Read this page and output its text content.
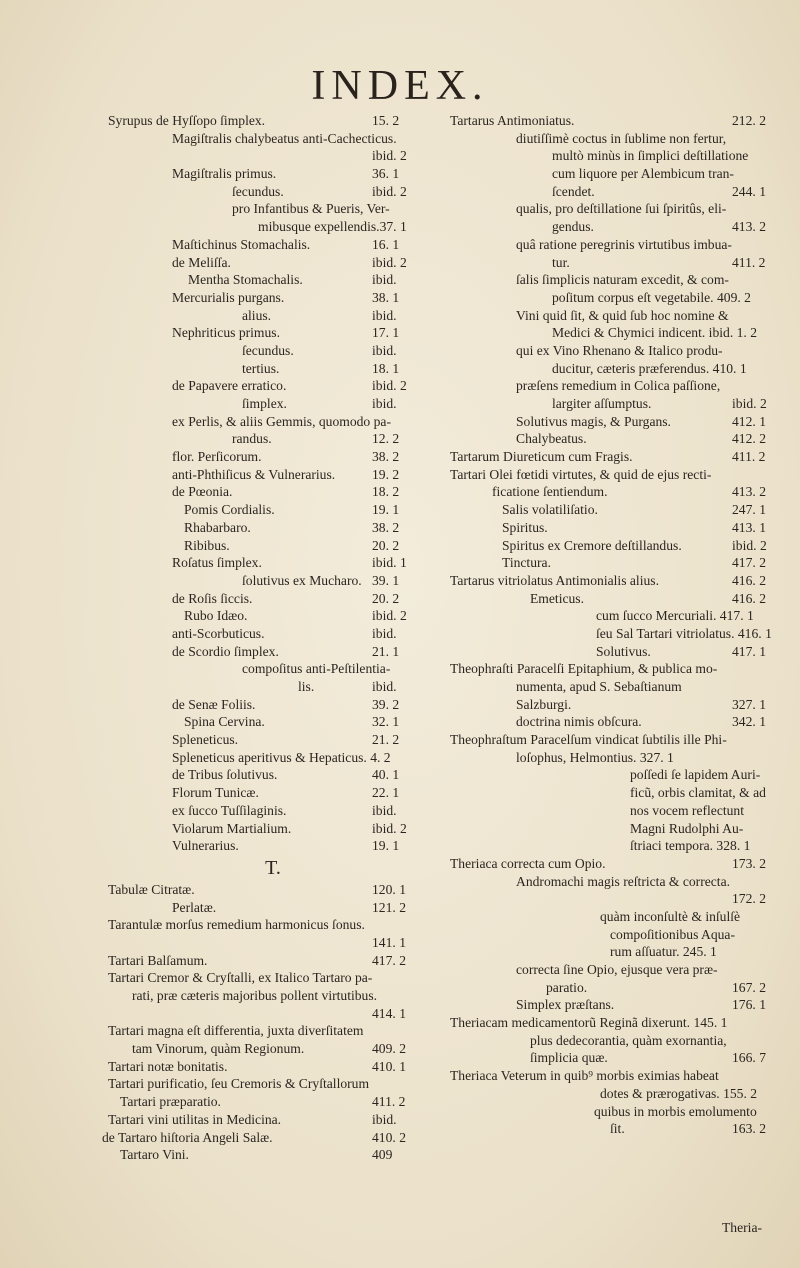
INDEX.
Syrupus de Hyſſopo ſimplex.	15. 2
Magiſtralis chalybeatus anti-Cachecticus.
ibid. 2
Magiſtralis primus.	36. 1
ſecundus.	ibid. 2
pro Infantibus & Pueris, Ver-
mibusque expellendis.37. 1
Maſtichinus Stomachalis.	16. 1
de Meliſſa.	ibid. 2
Mentha Stomachalis.	ibid.
Mercurialis purgans.	38. 1
alius.	ibid.
Nephriticus primus.	17. 1
ſecundus.	ibid.
tertius.	18. 1
de Papavere erratico.	ibid. 2
ſimplex.	ibid.
ex Perlis, & aliis Gemmis, quomodo pa-
randus.	12. 2
flor. Perſicorum.	38. 2
anti-Phthiſicus & Vulnerarius.	19. 2
de Pœonia.	18. 2
Pomis Cordialis.	19. 1
Rhabarbaro.	38. 2
Ribibus.	20. 2
Roſatus ſimplex.	ibid. 1
ſolutivus ex Mucharo. 39. 1
de Roſis ſiccis.	20. 2
Rubo Idæo.	ibid. 2
anti-Scorbuticus.	ibid.
de Scordio ſimplex.	21. 1
compoſitus anti-Peſtilentia-
lis.	ibid.
de Senæ Foliis.	39. 2
Spina Cervina.	32. 1
Spleneticus.	21. 2
Spleneticus aperitivus & Hepaticus. 4. 2
de Tribus ſolutivus.	40. 1
Florum Tunicæ.	22. 1
ex ſucco Tuſſilaginis.	ibid.
Violarum Martialium.	ibid. 2
Vulnerarius.	19. 1
T.
Tabulæ Citratæ.	120. 1
Perlatæ.	121. 2
Tarantulæ morſus remedium harmonicus ſonus.
141. 1
Tartari Balſamum.	417. 2
Tartari Cremor & Cryſtalli, ex Italico Tartaro pa-
rati, præ cæteris majoribus pollent virtutibus.
414. 1
Tartari magna eſt differentia, juxta diverſitatem
tam Vinorum, quàm Regionum.	409. 2
Tartari notæ bonitatis.	410. 1
Tartari purificatio, ſeu Cremoris & Cryſtallorum
Tartari præparatio.	411. 2
Tartari vini utilitas in Medicina.	ibid.
de Tartaro hiſtoria Angeli Salæ.	410. 2
Tartaro Vini.	409
Tartarus Antimoniatus.	212. 2
diutiſſimè coctus in ſublime non fertur,
multò minùs in ſimplici deſtillatione
cum liquore per Alembicum tran-
ſcendet.	244. 1
qualis, pro deſtillatione ſui ſpiritûs, eli-
gendus.	413. 2
quâ ratione peregrinis virtutibus imbua-
tur.	411. 2
ſalis ſimplicis naturam excedit, & com-
poſitum corpus eſt vegetabile. 409. 2
Vini quid ſit, & quid ſub hoc nomine &
Medici & Chymici indicent. ibid. 1. 2
qui ex Vino Rhenano & Italico produ-
ducitur, cæteris præferendus. 410. 1
præſens remedium in Colica paſſione,
largiter aſſumptus.	ibid. 2
Solutivus magis, & Purgans.	412. 1
Chalybeatus.	412. 2
Tartarum Diureticum cum Fragis.	411. 2
Tartari Olei fœtidi virtutes, & quid de ejus recti-
ficatione ſentiendum.	413. 2
Salis volatiliſatio.	247. 1
Spiritus.	413. 1
Spiritus ex Cremore deſtillandus.	ibid. 2
Tinctura.	417. 2
Tartarus vitriolatus Antimonialis alius.	416. 2
Emeticus.	416. 2
cum ſucco Mercuriali. 417. 1
ſeu Sal Tartari vitriolatus. 416. 1
Solutivus.	417. 1
Theophraſti Paracelſi Epitaphium, & publica mo-
numenta, apud S. Sebaſtianum
Salzburgi.	327. 1
doctrina nimis obſcura.	342. 1
Theophraſtum Paracelſum vindicat ſubtilis ille Phi-
loſophus, Helmontius. 327. 1
poſſedi ſe lapidem Auri-
ficũ, orbis clamitat, & ad
nos vocem reflectunt
Magni Rudolphi Au-
ſtriaci tempora. 328. 1
Theriaca correcta cum Opio.	173. 2
Andromachi magis reſtricta & correcta.
172. 2
quàm inconſultè & inſulſè
compoſitionibus Aqua-
rum aſſuatur. 245. 1
correcta ſine Opio, ejusque vera præ-
paratio.	167. 2
Simplex præſtans.	176. 1
Theriacam medicamentorũ Reginã dixerunt. 145. 1
plus dedecorantia, quàm exornantia,
ſimplicia quæ.	166. 7
Theriaca Veterum in quib⁹ morbis eximias habeat
dotes & prærogativas. 155. 2
quibus in morbis emolumento
ſit.	163. 2
Theria-
